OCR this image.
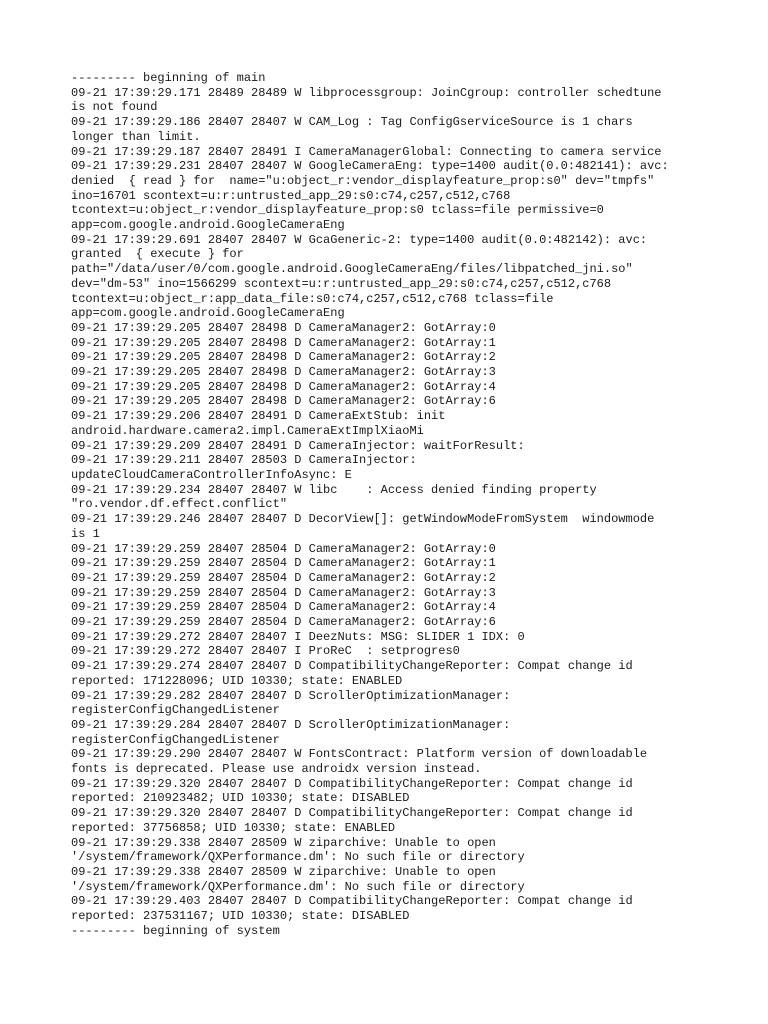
--------- beginning of main
09-21 17:39:29.171 28489 28489 W libprocessgroup: JoinCgroup: controller schedtune
is not found
09-21 17:39:29.186 28407 28407 W CAM_Log : Tag ConfigGserviceSource is 1 chars
longer than limit.
09-21 17:39:29.187 28407 28491 I CameraManagerGlobal: Connecting to camera service
09-21 17:39:29.231 28407 28407 W GoogleCameraEng: type=1400 audit(0.0:482141): avc:
denied  { read } for  name="u:object_r:vendor_displayfeature_prop:s0" dev="tmpfs"
ino=16701 scontext=u:r:untrusted_app_29:s0:c74,c257,c512,c768
tcontext=u:object_r:vendor_displayfeature_prop:s0 tclass=file permissive=0
app=com.google.android.GoogleCameraEng
09-21 17:39:29.691 28407 28407 W GcaGeneric-2: type=1400 audit(0.0:482142): avc:
granted  { execute } for
path="/data/user/0/com.google.android.GoogleCameraEng/files/libpatched_jni.so"
dev="dm-53" ino=1566299 scontext=u:r:untrusted_app_29:s0:c74,c257,c512,c768
tcontext=u:object_r:app_data_file:s0:c74,c257,c512,c768 tclass=file
app=com.google.android.GoogleCameraEng
09-21 17:39:29.205 28407 28498 D CameraManager2: GotArray:0
09-21 17:39:29.205 28407 28498 D CameraManager2: GotArray:1
09-21 17:39:29.205 28407 28498 D CameraManager2: GotArray:2
09-21 17:39:29.205 28407 28498 D CameraManager2: GotArray:3
09-21 17:39:29.205 28407 28498 D CameraManager2: GotArray:4
09-21 17:39:29.205 28407 28498 D CameraManager2: GotArray:6
09-21 17:39:29.206 28407 28491 D CameraExtStub: init
android.hardware.camera2.impl.CameraExtImplXiaoMi
09-21 17:39:29.209 28407 28491 D CameraInjector: waitForResult:
09-21 17:39:29.211 28407 28503 D CameraInjector:
updateCloudCameraControllerInfoAsync: E
09-21 17:39:29.234 28407 28407 W libc    : Access denied finding property
"ro.vendor.df.effect.conflict"
09-21 17:39:29.246 28407 28407 D DecorView[]: getWindowModeFromSystem  windowmode
is 1
09-21 17:39:29.259 28407 28504 D CameraManager2: GotArray:0
09-21 17:39:29.259 28407 28504 D CameraManager2: GotArray:1
09-21 17:39:29.259 28407 28504 D CameraManager2: GotArray:2
09-21 17:39:29.259 28407 28504 D CameraManager2: GotArray:3
09-21 17:39:29.259 28407 28504 D CameraManager2: GotArray:4
09-21 17:39:29.259 28407 28504 D CameraManager2: GotArray:6
09-21 17:39:29.272 28407 28407 I DeezNuts: MSG: SLIDER 1 IDX: 0
09-21 17:39:29.272 28407 28407 I ProReC  : setprogres0
09-21 17:39:29.274 28407 28407 D CompatibilityChangeReporter: Compat change id
reported: 171228096; UID 10330; state: ENABLED
09-21 17:39:29.282 28407 28407 D ScrollerOptimizationManager:
registerConfigChangedListener
09-21 17:39:29.284 28407 28407 D ScrollerOptimizationManager:
registerConfigChangedListener
09-21 17:39:29.290 28407 28407 W FontsContract: Platform version of downloadable
fonts is deprecated. Please use androidx version instead.
09-21 17:39:29.320 28407 28407 D CompatibilityChangeReporter: Compat change id
reported: 210923482; UID 10330; state: DISABLED
09-21 17:39:29.320 28407 28407 D CompatibilityChangeReporter: Compat change id
reported: 37756858; UID 10330; state: ENABLED
09-21 17:39:29.338 28407 28509 W ziparchive: Unable to open
'/system/framework/QXPerformance.dm': No such file or directory
09-21 17:39:29.338 28407 28509 W ziparchive: Unable to open
'/system/framework/QXPerformance.dm': No such file or directory
09-21 17:39:29.403 28407 28407 D CompatibilityChangeReporter: Compat change id
reported: 237531167; UID 10330; state: DISABLED
--------- beginning of system
